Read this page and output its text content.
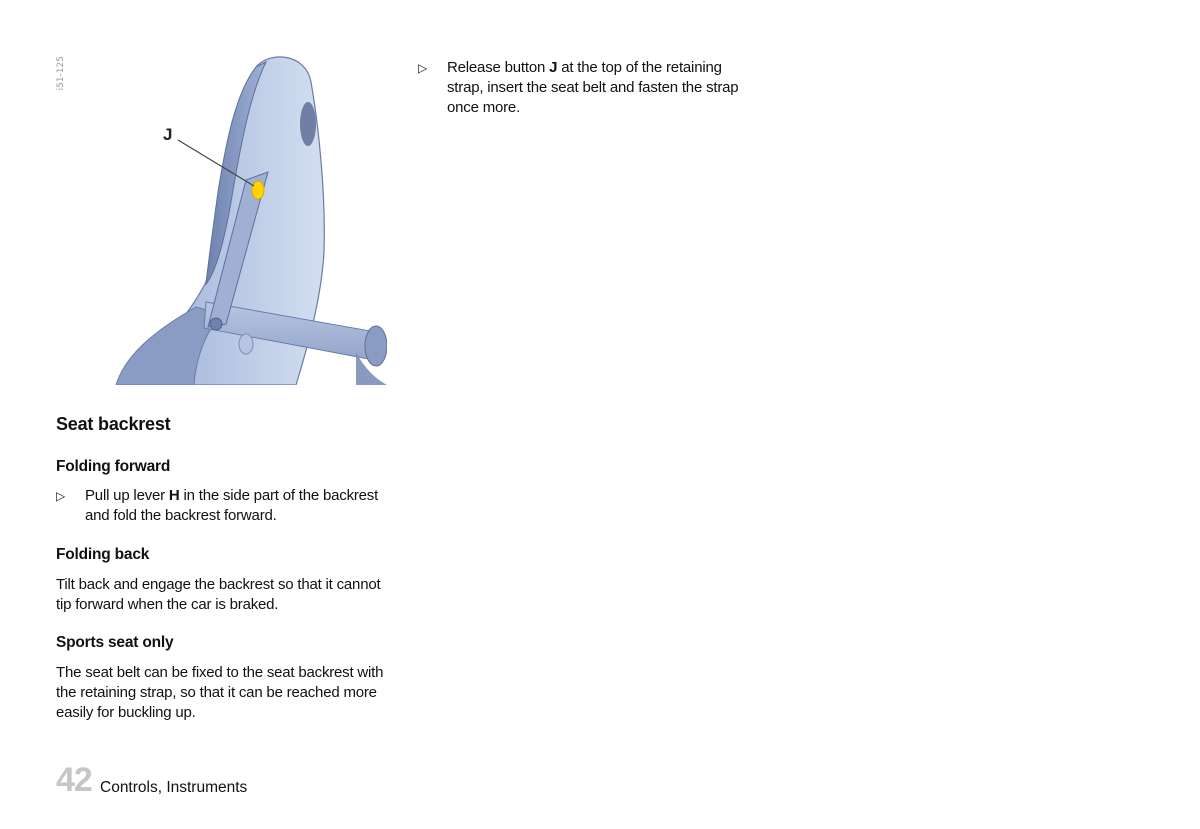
i51-125
J
Seat backrest
Folding forward
▷ Pull up lever H in the side part of the backrest and fold the backrest forward.
Folding back

Tilt back and engage the backrest so that it cannot tip forward when the car is braked.

Sports seat only

The seat belt can be fixed to the seat backrest with the retaining strap, so that it can be reached more easily for buckling up.

▷ Release button J at the top of the retaining strap, insert the seat belt and fasten the strap once more.
42 Controls, Instruments
